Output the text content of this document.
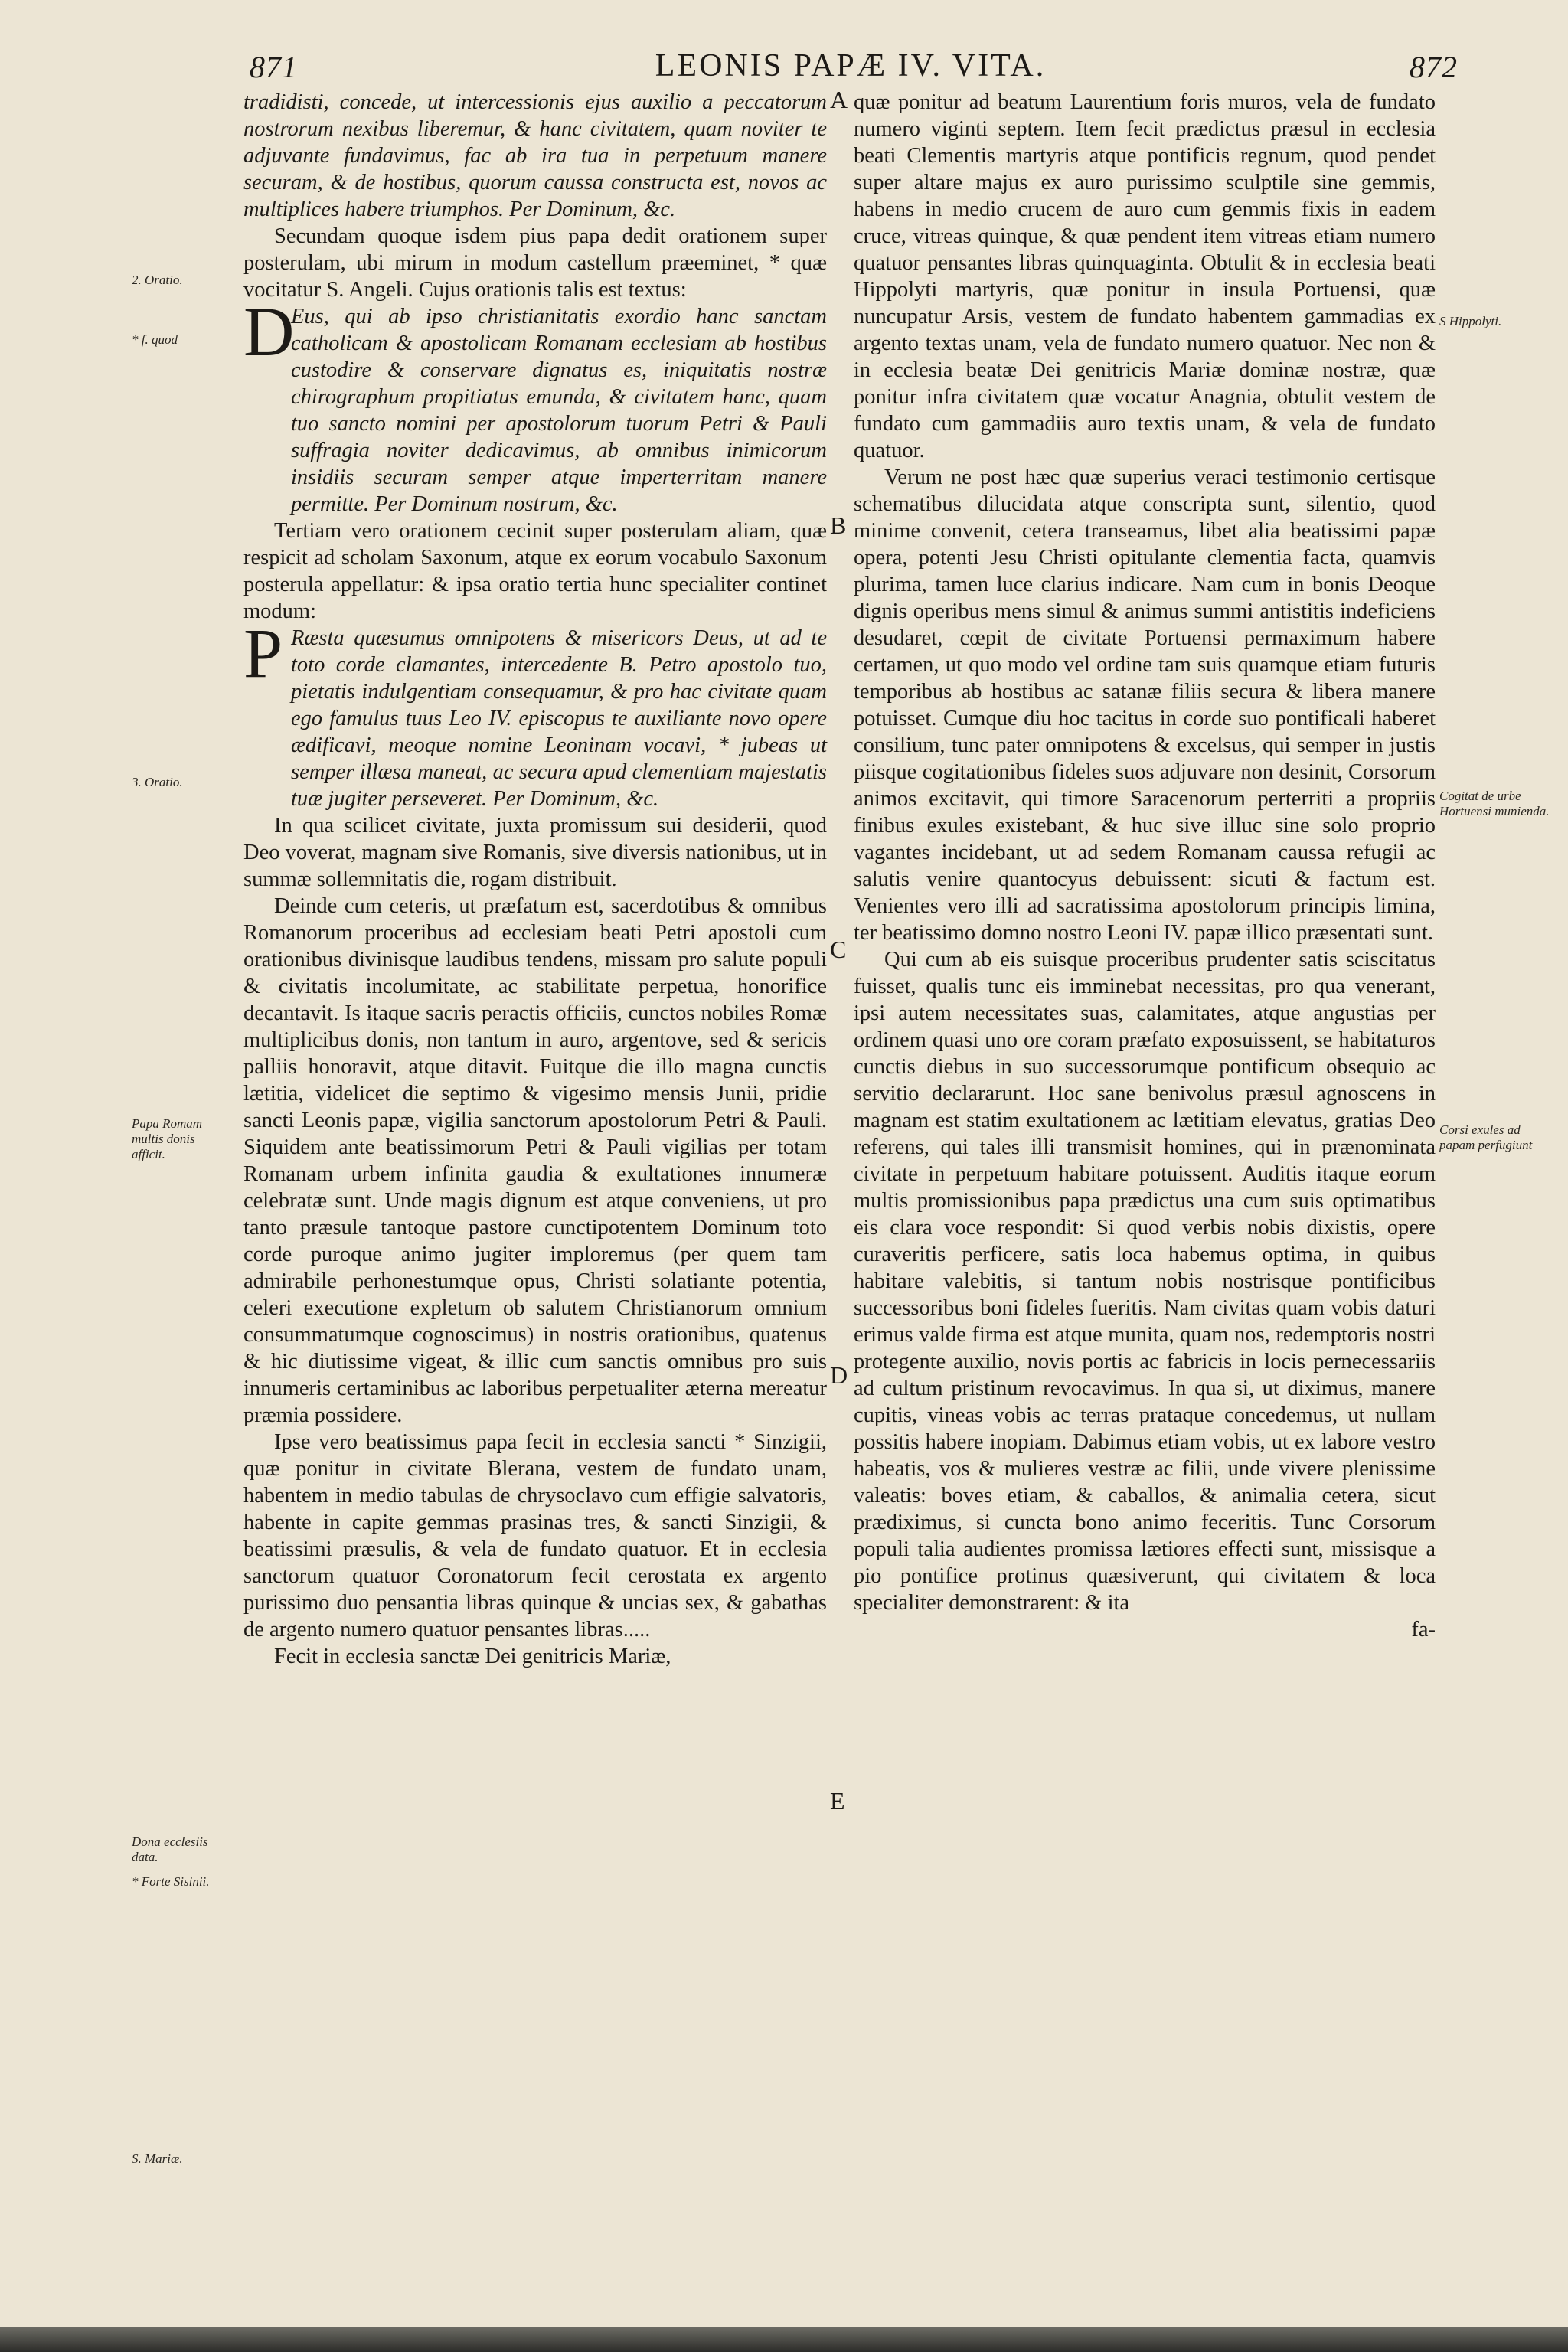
871	LEONIS PAPÆ IV. VITA.	872

tradidisti, concede, ut intercessionis ejus auxilio a peccatorum nostrorum nexibus liberemur, & hanc civitatem, quam noviter te adjuvante fundavimus, fac ab ira tua in perpetuum manere securam, & de hostibus, quorum caussa constructa est, novos ac multiplices habere triumphos. Per Dominum, &c.

Secundam quoque isdem pius papa dedit orationem super posterulam, ubi mirum in modum castellum præeminet, * quæ vocitatur S. Angeli. Cujus orationis talis est textus:

D
Eus, qui ab ipso christianitatis exordio hanc sanctam catholicam & apostolicam Romanam ecclesiam ab hostibus custodire & conservare dignatus es, iniquitatis nostræ chirographum propitiatus emunda, & civitatem hanc, quam tuo sancto nomini per apostolorum tuorum Petri & Pauli suffragia noviter dedicavimus, ab omnibus inimicorum insidiis securam semper atque imperterritam manere permitte. Per Dominum nostrum, &c.

Tertiam vero orationem cecinit super posterulam aliam, quæ respicit ad scholam Saxonum, atque ex eorum vocabulo Saxonum posterula appellatur: & ipsa oratio tertia hunc specialiter continet modum:

P Ræsta quæsumus omnipotens & misericors Deus, ut ad te toto corde clamantes, intercedente B. Petro apostolo tuo, pietatis indulgentiam consequamur, & pro hac civitate quam ego famulus tuus Leo IV. episcopus te auxiliante novo opere ædificavi, meoque nomine Leoninam vocavi, * jubeas ut semper illæsa maneat, ac secura apud clementiam majestatis tuæ jugiter perseveret. Per Dominum, &c.

In qua scilicet civitate, juxta promissum sui desiderii, quod Deo voverat, magnam sive Romanis, sive diversis nationibus, ut in summæ sollemnitatis die, rogam distribuit.

Deinde cum ceteris, ut præfatum est, sacerdotibus & omnibus Romanorum proceribus ad ecclesiam beati Petri apostoli cum orationibus divinisque laudibus tendens, missam pro salute populi & civitatis incolumitate, ac stabilitate perpetua, honorifice decantavit. Is itaque sacris peractis officiis, cunctos nobiles Romæ multiplicibus donis, non tantum in auro, argentove, sed & sericis palliis honoravit, atque ditavit. Fuitque die illo magna cunctis lætitia, videlicet die septimo & vigesimo mensis Junii, pridie sancti Leonis papæ, vigilia sanctorum apostolorum Petri & Pauli. Siquidem ante beatissimorum Petri & Pauli vigilias per totam Romanam urbem infinita gaudia & exultationes innumeræ celebratæ sunt. Unde magis dignum est atque conveniens, ut pro tanto præsule tantoque pastore cunctipotentem Dominum toto corde puroque animo jugiter imploremus (per quem tam admirabile perhonestumque opus, Christi solatiante potentia, celeri executione expletum ob salutem Christianorum omnium consummatumque cognoscimus) in nostris orationibus, quatenus & hic diutissime vigeat, & illic cum sanctis omnibus pro suis innumeris certaminibus ac laboribus perpetualiter æterna mereatur præmia possidere.

Ipse vero beatissimus papa fecit in ecclesia sancti * Sinzigii, quæ ponitur in civitate Blerana, vestem de fundato unam, habentem in medio tabulas de chrysoclavo cum effigie salvatoris, habente in capite gemmas prasinas tres, & sancti Sinzigii, & beatissimi præsulis, & vela de fundato quatuor. Et in ecclesia sanctorum quatuor Coronatorum fecit cerostata ex argento purissimo duo pensantia libras quinque & uncias sex, & gabathas de argento numero quatuor pensantes libras.....

Fecit in ecclesia sanctæ Dei genitricis Mariæ,

quæ ponitur ad beatum Laurentium foris muros, vela de fundato numero viginti septem. Item fecit prædictus præsul in ecclesia beati Clementis martyris atque pontificis regnum, quod pendet super altare majus ex auro purissimo sculptile sine gemmis, habens in medio crucem de auro cum gemmis fixis in eadem cruce, vitreas quinque, & quæ pendent item vitreas etiam numero quatuor pensantes libras quinquaginta. Obtulit & in ecclesia beati Hippolyti martyris, quæ ponitur in insula Portuensi, quæ nuncupatur Arsis, vestem de fundato habentem gammadias ex argento textas unam, vela de fundato numero quatuor. Nec non & in ecclesia beatæ Dei genitricis Mariæ dominæ nostræ, quæ ponitur infra civitatem quæ vocatur Anagnia, obtulit vestem de fundato cum gammadiis auro textis unam, & vela de fundato quatuor.

Verum ne post hæc quæ superius veraci testimonio certisque schematibus dilucidata atque conscripta sunt, silentio, quod minime convenit, cetera transeamus, libet alia beatissimi papæ opera, potenti Jesu Christi opitulante clementia facta, quamvis plurima, tamen luce clarius indicare. Nam cum in bonis Deoque dignis operibus mens simul & animus summi antistitis indeficiens desudaret, cœpit de civitate Portuensi permaximum habere certamen, ut quo modo vel ordine tam suis quamque etiam futuris temporibus ab hostibus ac satanæ filiis secura & libera manere potuisset. Cumque diu hoc tacitus in corde suo pontificali haberet consilium, tunc pater omnipotens & excelsus, qui semper in justis piisque cogitationibus fideles suos adjuvare non desinit, Corsorum animos excitavit, qui timore Saracenorum perterriti a propriis finibus exules existebant, & huc sive illuc sine solo proprio vagantes incidebant, ut ad sedem Romanam caussa refugii ac salutis venire quantocyus debuissent: sicuti & factum est. Venientes vero illi ad sacratissima apostolorum principis limina, ter beatissimo domno nostro Leoni IV. papæ illico præsentati sunt.

Qui cum ab eis suisque proceribus prudenter satis sciscitatus fuisset, qualis tunc eis imminebat necessitas, pro qua venerant, ipsi autem necessitates suas, calamitates, atque angustias per ordinem quasi uno ore coram præfato exposuissent, se habitaturos cunctis diebus in suo successorumque pontificum obsequio ac servitio declararunt. Hoc sane benivolus præsul agnoscens in magnam est statim exultationem ac lætitiam elevatus, gratias Deo referens, qui tales illi transmisit homines, qui in prænominata civitate in perpetuum habitare potuissent. Auditis itaque eorum multis promissionibus papa prædictus una cum suis optimatibus eis clara voce respondit: Si quod verbis nobis dixistis, opere curaveritis perficere, satis loca habemus optima, in quibus habitare valebitis, si tantum nobis nostrisque pontificibus successoribus boni fideles fueritis. Nam civitas quam vobis daturi erimus valde firma est atque munita, quam nos, redemptoris nostri protegente auxilio, novis portis ac fabricis in locis pernecessariis ad cultum pristinum revocavimus. In qua si, ut diximus, manere cupitis, vineas vobis ac terras prataque concedemus, ut nullam possitis habere inopiam. Dabimus etiam vobis, ut ex labore vestro habeatis, vos & mulieres vestræ ac filii, unde vivere plenissime valeatis: boves etiam, & caballos, & animalia cetera, sicut prædiximus, si cuncta bono animo feceritis. Tunc Corsorum populi talia audientes promissa lætiores effecti sunt, missisque a pio pontifice protinus quæsiverunt, qui civitatem & loca specialiter demonstrarent: & ita

fa-

2. Oratio.
* f. quod
3. Oratio.
Papa Romam multis donis afficit.
Dona ecclesiis data.
* Forte Sisinii.
S. Mariæ.
S Hippolyti.
Cogitat de urbe Hortuensi munienda.
Corsi exules ad papam perfugiunt
A
B
C
D
E
